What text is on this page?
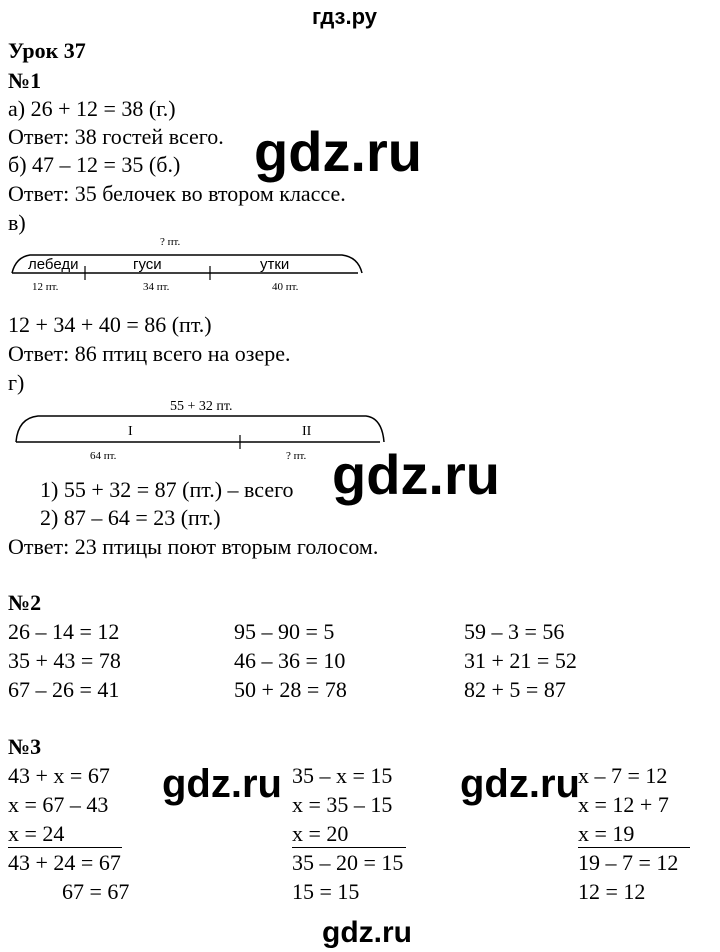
гдз.ру
Урок 37
№1
а) 26 + 12 = 38 (г.)
Ответ: 38 гостей всего.
б) 47 – 12 = 35 (б.)
Ответ: 35 белочек во втором классе.
в)
? пт.
лебеди	гуси	утки
12 пт.	34 пт.	40 пт.
12 + 34 + 40 = 86 (пт.)
Ответ: 86 птиц всего на озере.
г)
55 + 32 пт.
I	II
64 пт.	? пт.
1) 55 + 32 = 87 (пт.) – всего
2) 87 – 64 = 23 (пт.)
Ответ: 23 птицы поют вторым голосом.
№2
26 – 14 = 12	95 – 90 = 5	59 – 3 = 56
35 + 43 = 78	46 – 36 = 10	31 + 21 = 52
67 – 26 = 41	50 + 28 = 78	82 + 5 = 87
№3
43 + x = 67
x = 67 – 43
x = 24
43 + 24 = 67
67 = 67
35 – x = 15
x = 35 – 15
x = 20
35 – 20 = 15
15 = 15
x – 7 = 12
x = 12 + 7
x = 19
19 – 7 = 12
12 = 12
gdz.ru
gdz.ru
gdz.ru	gdz.ru
gdz.ru
